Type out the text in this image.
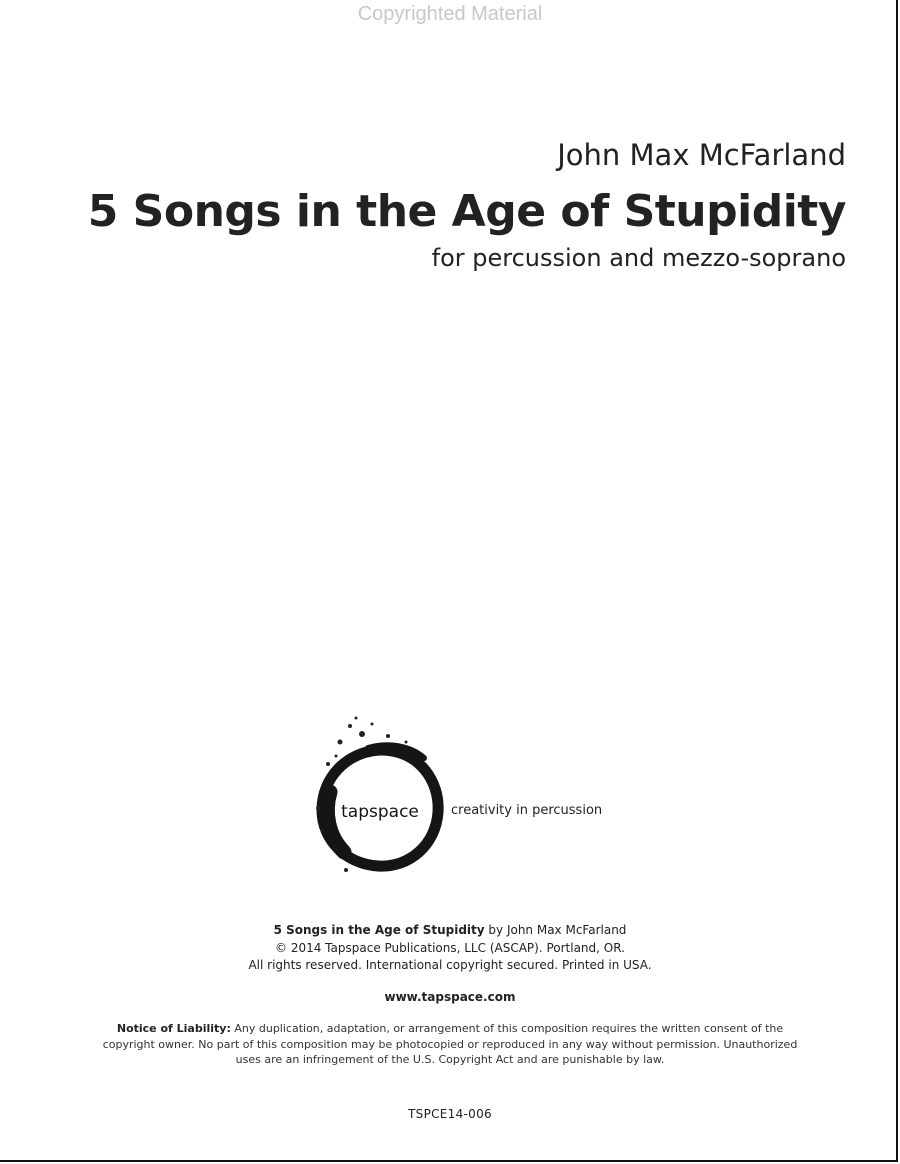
Copyrighted Material
John Max McFarland
5 Songs in the Age of Stupidity
for percussion and mezzo-soprano
tapspace creativity in percussion
5 Songs in the Age of Stupidity by John Max McFarland
© 2014 Tapspace Publications, LLC (ASCAP). Portland, OR.
All rights reserved. International copyright secured. Printed in USA.
www.tapspace.com
Notice of Liability: Any duplication, adaptation, or arrangement of this composition requires the written consent of the copyright owner. No part of this composition may be photocopied or reproduced in any way without permission. Unauthorized uses are an infringement of the U.S. Copyright Act and are punishable by law.
TSPCE14-006
